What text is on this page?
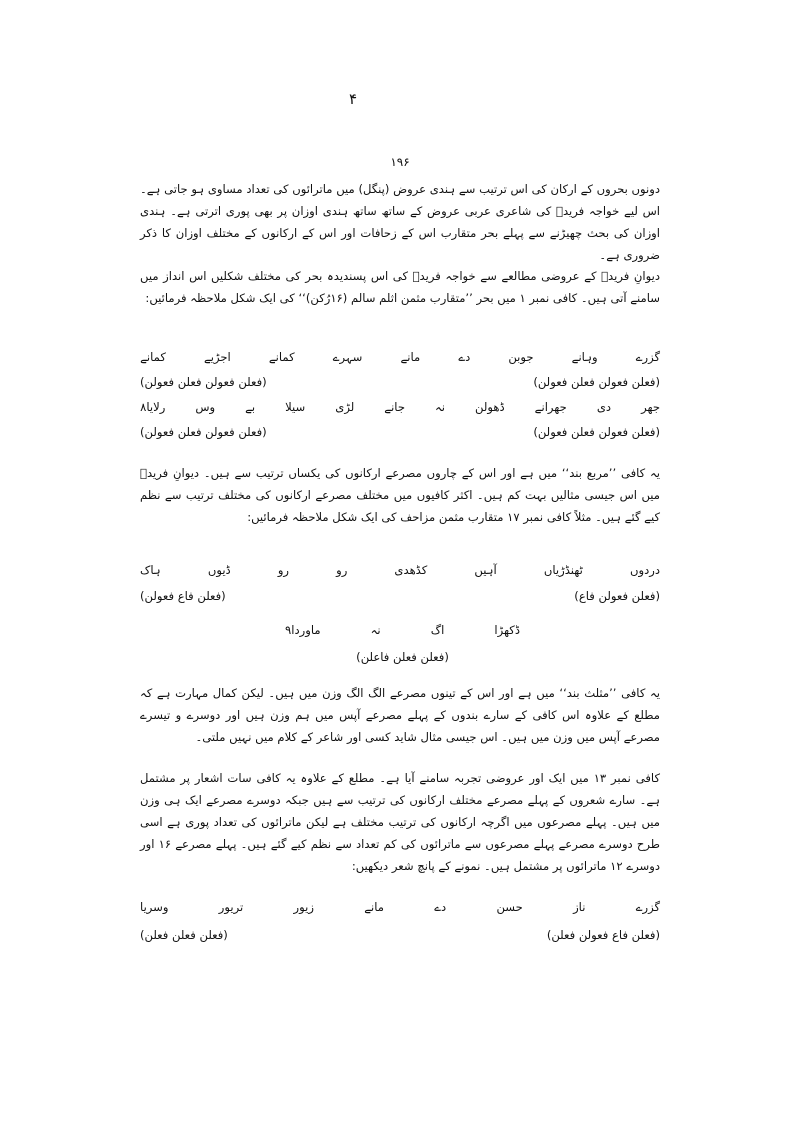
۴
۱۹۶
دونوں بحروں کے ارکان کی اس ترتیب سے ہندی عروض (پنگل) میں ماترائوں کی تعداد مساوی ہو جاتی ہے۔ اس لیے خواجہ فریدؒ کی شاعری عربی عروض کے ساتھ ساتھ ہندی اوزان پر بھی پوری اترتی ہے۔ ہندی اوزان کی بحث چھیڑنے سے پہلے بحر متقارب اس کے زحافات اور اس کے ارکانوں کے مختلف اوزان کا ذکر ضروری ہے۔
دیوانِ فریدؒ کے عروضی مطالعے سے خواجہ فریدؒ کی اس پسندیدہ بحر کی مختلف شکلیں اس انداز میں سامنے آتی ہیں۔ کافی نمبر ۱ میں بحر ’’متقارب مثمن اثلم سالم (۱۶رُکن)‘‘ کی ایک شکل ملاحظہ فرمائیں:
گزرے
وہانے
جوبن
دے
مانے
سہرے
کمانے
اجڑیے
کمانے
(فعلن فعولن فعلن فعولن)
(فعلن فعولن فعلن فعولن)
جھر
دی
جھرانے
ڈھولن
نہ
جانے
لڑی
سیلا
بے
وس
رلایا۸
(فعلن فعولن فعلن فعولن)
(فعلن فعولن فعلن فعولن)
یہ کافی ’’مربع بند‘‘ میں ہے اور اس کے چاروں مصرعے ارکانوں کی یکساں ترتیب سے ہیں۔ دیوانِ فریدؒ میں اس جیسی مثالیں بہت کم ہیں۔ اکثر کافیوں میں مختلف مصرعے ارکانوں کی مختلف ترتیب سے نظم کیے گئے ہیں۔ مثلاً کافی نمبر ۱۷ متقارب مثمن مزاحف کی ایک شکل ملاحظہ فرمائیں:
دردوں
ٹھنڈڑیاں
آہیں
کڈھدی
رو
رو
ڈیوں
ہاک
(فعلن فعولن فاع)
(فعلن فاع فعولن)
ڈکھڑا
اگ
نہ
ماوردا۹
(فعلن فعلن فاعلن)
یہ کافی ’’مثلث بند‘‘ میں ہے اور اس کے تینوں مصرعے الگ الگ وزن میں ہیں۔ لیکن کمال مہارت ہے کہ مطلع کے علاوہ اس کافی کے سارے بندوں کے پہلے مصرعے آپس میں ہم وزن ہیں اور دوسرے و تیسرے مصرعے آپس میں وزن میں ہیں۔ اس جیسی مثال شاید کسی اور شاعر کے کلام میں نہیں ملتی۔
کافی نمبر ۱۳ میں ایک اور عروضی تجربہ سامنے آیا ہے۔ مطلع کے علاوہ یہ کافی سات اشعار پر مشتمل ہے۔ سارے شعروں کے پہلے مصرعے مختلف ارکانوں کی ترتیب سے ہیں جبکہ دوسرے مصرعے ایک ہی وزن میں ہیں۔ پہلے مصرعوں میں اگرچہ ارکانوں کی ترتیب مختلف ہے لیکن ماترائوں کی تعداد پوری ہے اسی طرح دوسرے مصرعے پہلے مصرعوں سے ماترائوں کی کم تعداد سے نظم کیے گئے ہیں۔ پہلے مصرعے ۱۶ اور دوسرے ۱۲ ماترائوں پر مشتمل ہیں۔ نمونے کے پانچ شعر دیکھیں:
گزرے
ناز
حسن
دے
مانے
زیور
تریور
وسریا
(فعلن فاع فعولن فعلن)
(فعلن فعلن فعلن)
